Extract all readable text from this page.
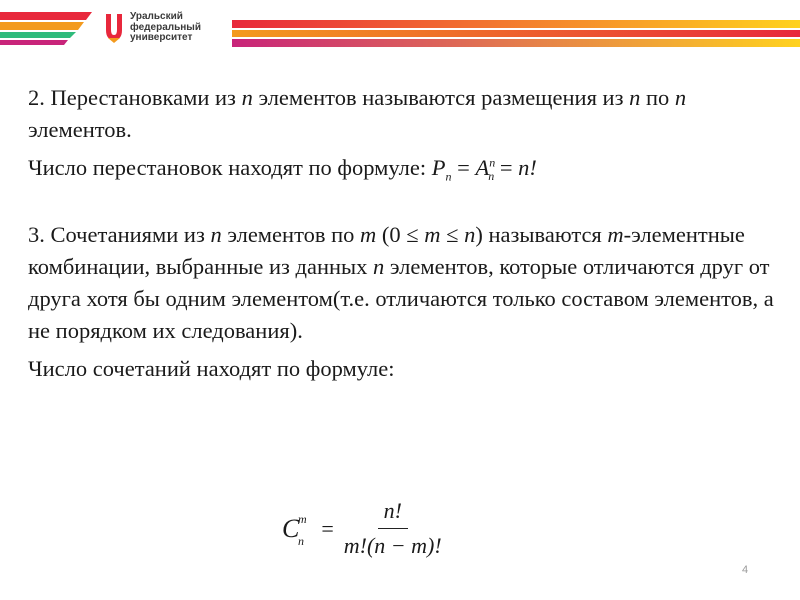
Уральский
федеральный
университет

2. Перестановками из n элементов называются размещения из n по n элементов.

Число перестановок находят по формуле: $P_n = A^n_n = n$!

3. Сочетаниями из n элементов по m (0 ≤ m ≤ n) называются m-элементные комбинации, выбранные из данных n элементов, которые отличаются друг от друга хотя бы одним элементом(т.е. отличаются только составом элементов, а не порядком их следования).

Число сочетаний находят по формуле:

C
m
$n = \frac{n!}{m!(n - m)!}$
4
